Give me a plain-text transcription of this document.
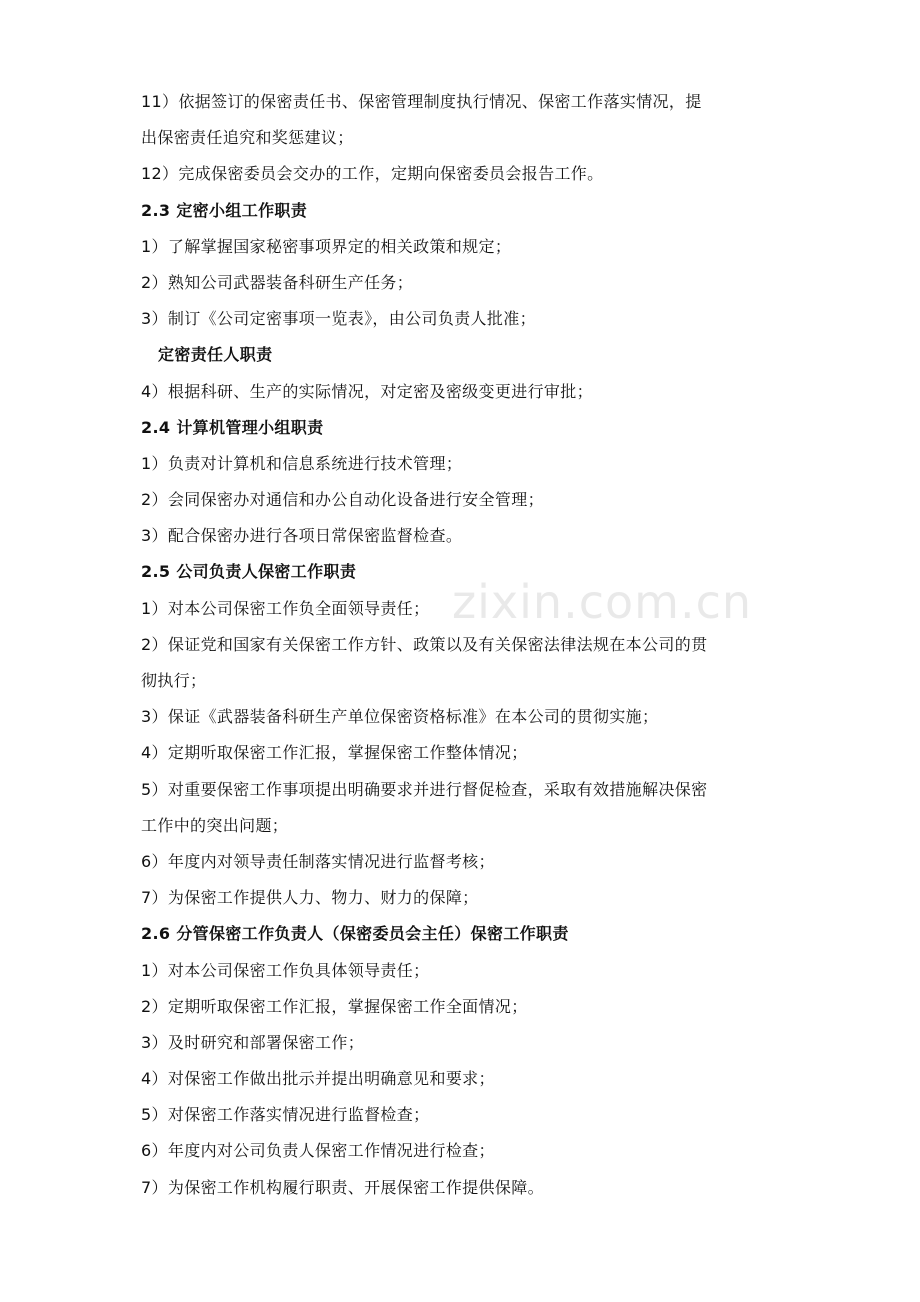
zixin.com.cn
11）依据签订的保密责任书、保密管理制度执行情况、保密工作落实情况，提
出保密责任追究和奖惩建议；
12）完成保密委员会交办的工作，定期向保密委员会报告工作。
2.3 定密小组工作职责
1）了解掌握国家秘密事项界定的相关政策和规定；
2）熟知公司武器装备科研生产任务；
3）制订《公司定密事项一览表》，由公司负责人批准；
定密责任人职责
4）根据科研、生产的实际情况，对定密及密级变更进行审批；
2.4 计算机管理小组职责
1）负责对计算机和信息系统进行技术管理；
2）会同保密办对通信和办公自动化设备进行安全管理；
3）配合保密办进行各项日常保密监督检查。
2.5 公司负责人保密工作职责
1）对本公司保密工作负全面领导责任；
2）保证党和国家有关保密工作方针、政策以及有关保密法律法规在本公司的贯
彻执行；
3）保证《武器装备科研生产单位保密资格标准》在本公司的贯彻实施；
4）定期听取保密工作汇报，掌握保密工作整体情况；
5）对重要保密工作事项提出明确要求并进行督促检查，采取有效措施解决保密
工作中的突出问题；
6）年度内对领导责任制落实情况进行监督考核；
7）为保密工作提供人力、物力、财力的保障；
2.6 分管保密工作负责人（保密委员会主任）保密工作职责
1）对本公司保密工作负具体领导责任；
2）定期听取保密工作汇报，掌握保密工作全面情况；
3）及时研究和部署保密工作；
4）对保密工作做出批示并提出明确意见和要求；
5）对保密工作落实情况进行监督检查；
6）年度内对公司负责人保密工作情况进行检查；
7）为保密工作机构履行职责、开展保密工作提供保障。
